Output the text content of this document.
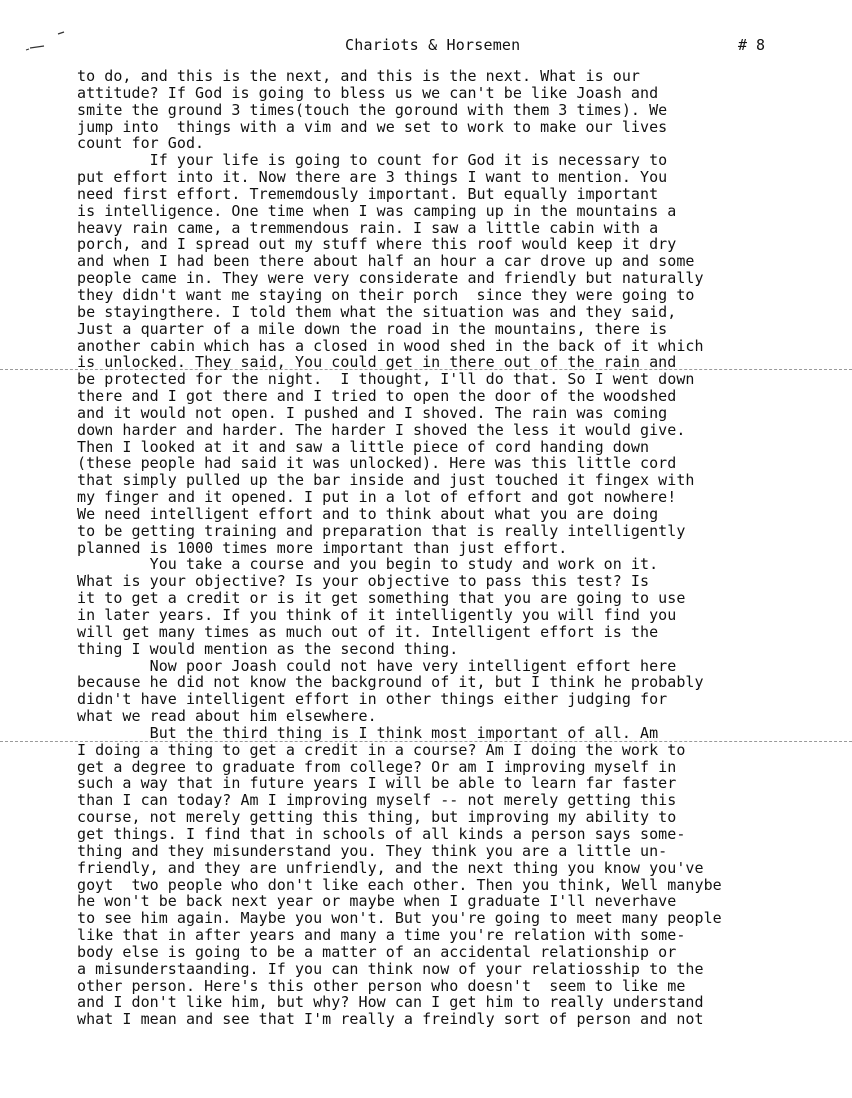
Chariots & Horsemen	# 8
to do, and this is the next, and this is the next. What is our
attitude? If God is going to bless us we can't be like Joash and
smite the ground 3 times(touch the goround with them 3 times). We
jump into  things with a vim and we set to work to make our lives
count for God.
If your life is going to count for God it is necessary to
put effort into it. Now there are 3 things I want to mention. You
need first effort. Trememdously important. But equally important
is intelligence. One time when I was camping up in the mountains a
heavy rain came, a tremmendous rain. I saw a little cabin with a
porch, and I spread out my stuff where this roof would keep it dry
and when I had been there about half an hour a car drove up and some
people came in. They were very considerate and friendly but naturally
they didn't want me staying on their porch  since they were going to
be stayingthere. I told them what the situation was and they said,
Just a quarter of a mile down the road in the mountains, there is
another cabin which has a closed in wood shed in the back of it which
is unlocked. They said, You could get in there out of the rain and
be protected for the night.  I thought, I'll do that. So I went down
there and I got there and I tried to open the door of the woodshed
and it would not open. I pushed and I shoved. The rain was coming
down harder and harder. The harder I shoved the less it would give.
Then I looked at it and saw a little piece of cord handing down
(these people had said it was unlocked). Here was this little cord
that simply pulled up the bar inside and just touched it fingex with
my finger and it opened. I put in a lot of effort and got nowhere!
We need intelligent effort and to think about what you are doing
to be getting training and preparation that is really intelligently
planned is 1000 times more important than just effort.
You take a course and you begin to study and work on it.
What is your objective? Is your objective to pass this test? Is
it to get a credit or is it get something that you are going to use
in later years. If you think of it intelligently you will find you
will get many times as much out of it. Intelligent effort is the
thing I would mention as the second thing.
Now poor Joash could not have very intelligent effort here
because he did not know the background of it, but I think he probably
didn't have intelligent effort in other things either judging for
what we read about him elsewhere.
But the third thing is I think most important of all. Am
I doing a thing to get a credit in a course? Am I doing the work to
get a degree to graduate from college? Or am I improving myself in
such a way that in future years I will be able to learn far faster
than I can today? Am I improving myself -- not merely getting this
course, not merely getting this thing, but improving my ability to
get things. I find that in schools of all kinds a person says some-
thing and they misunderstand you. They think you are a little un-
friendly, and they are unfriendly, and the next thing you know you've
goyt  two people who don't like each other. Then you think, Well manybe
he won't be back next year or maybe when I graduate I'll neverhave
to see him again. Maybe you won't. But you're going to meet many people
like that in after years and many a time you're relation with some-
body else is going to be a matter of an accidental relationship or
a misunderstaanding. If you can think now of your relatiosship to the
other person. Here's this other person who doesn't  seem to like me
and I don't like him, but why? How can I get him to really understand
what I mean and see that I'm really a freindly sort of person and not
